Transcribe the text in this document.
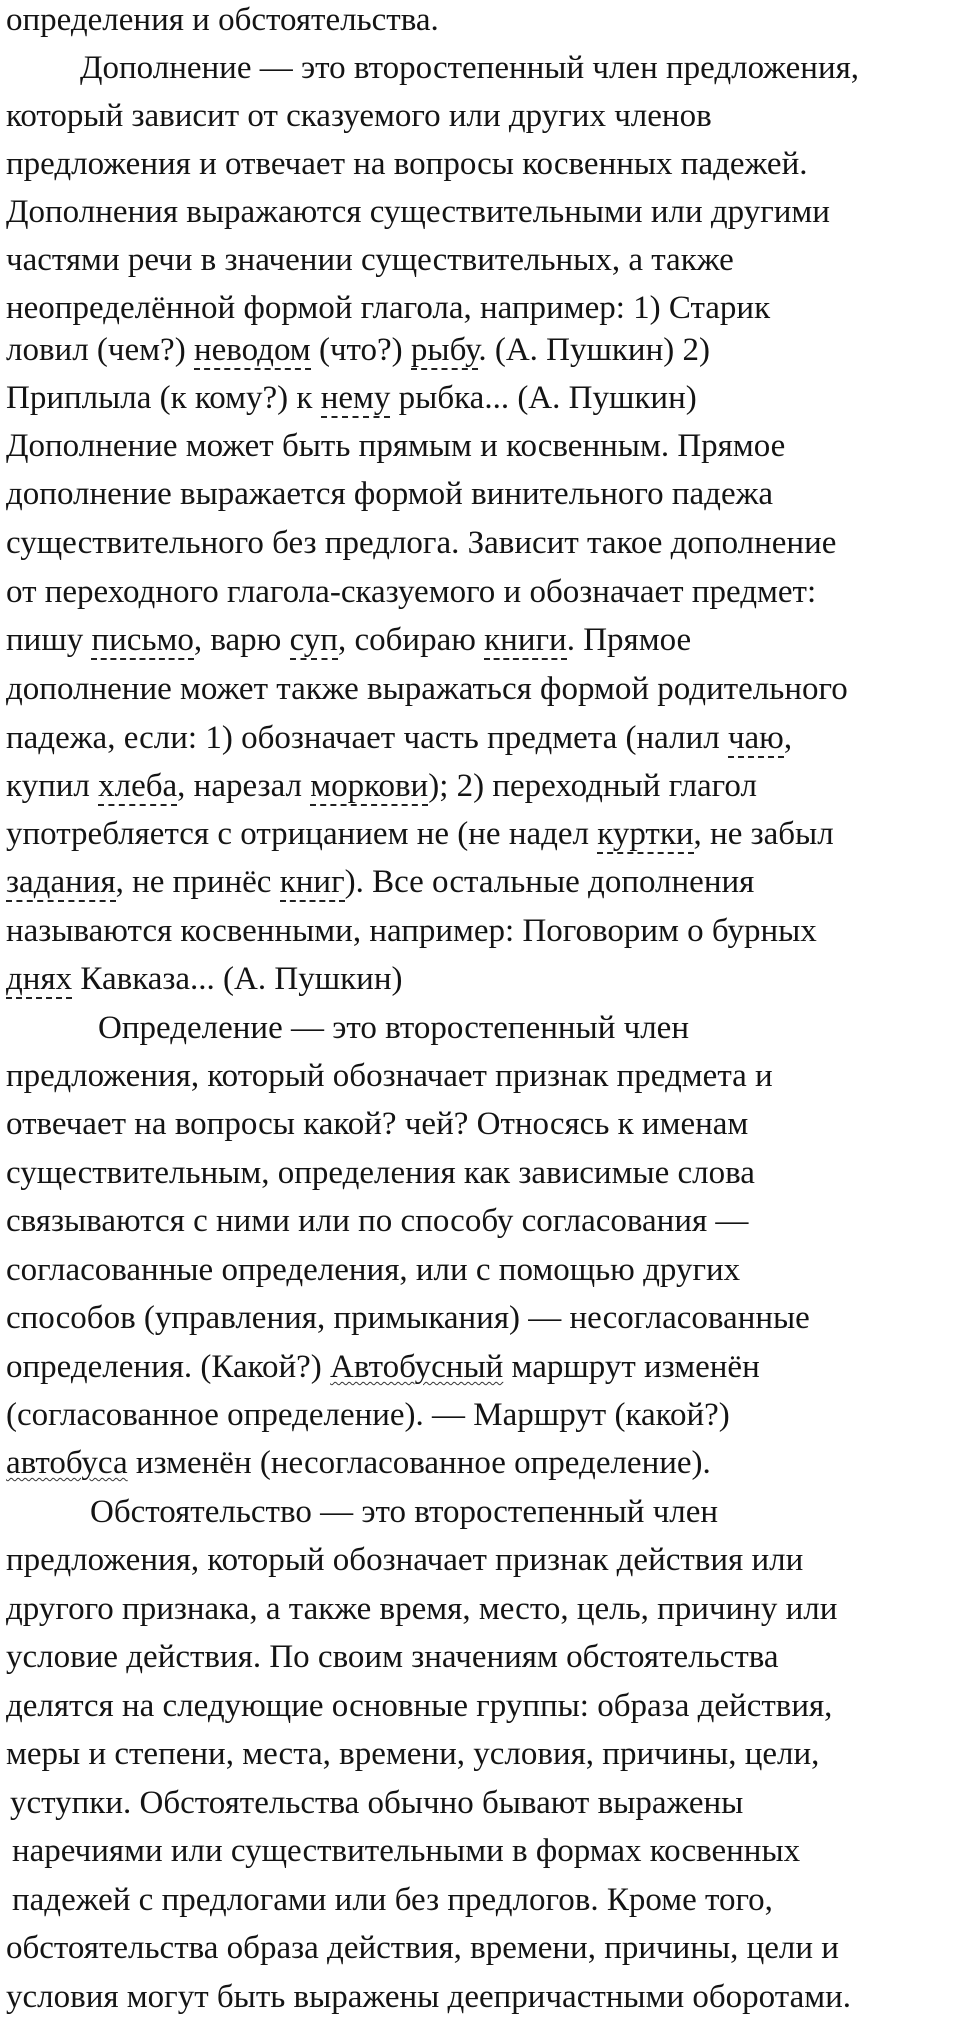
определения и обстоятельства.
Дополнение — это второстепенный член предложения,
который зависит от сказуемого или других членов
предложения и отвечает на вопросы косвенных падежей.
Дополнения выражаются существительными или другими
частями речи в значении существительных, а также
неопределённой формой глагола, например: 1) Старик
ловил (чем?) неводом (что?) рыбу. (А. Пушкин) 2)
Приплыла (к кому?) к нему рыбка... (А. Пушкин)
Дополнение может быть прямым и косвенным. Прямое
дополнение выражается формой винительного падежа
существительного без предлога. Зависит такое дополнение
от переходного глагола-сказуемого и обозначает предмет:
пишу письмо, варю суп, собираю книги. Прямое
дополнение может также выражаться формой родительного
падежа, если: 1) обозначает часть предмета (налил чаю,
купил хлеба, нарезал моркови); 2) переходный глагол
употребляется с отрицанием не (не надел куртки, не забыл
задания, не принёс книг). Все остальные дополнения
называются косвенными, например: Поговорим о бурных
днях Кавказа... (А. Пушкин)
Определение — это второстепенный член
предложения, который обозначает признак предмета и
отвечает на вопросы какой? чей? Относясь к именам
существительным, определения как зависимые слова
связываются с ними или по способу согласования —
согласованные определения, или с помощью других
способов (управления, примыкания) — несогласованные
определения. (Какой?) Автобусный маршрут изменён
(согласованное определение). — Маршрут (какой?)
автобуса изменён (несогласованное определение).
Обстоятельство — это второстепенный член
предложения, который обозначает признак действия или
другого признака, а также время, место, цель, причину или
условие действия. По своим значениям обстоятельства
делятся на следующие основные группы: образа действия,
меры и степени, места, времени, условия, причины, цели,
уступки. Обстоятельства обычно бывают выражены
наречиями или существительными в формах косвенных
падежей с предлогами или без предлогов. Кроме того,
обстоятельства образа действия, времени, причины, цели и
условия могут быть выражены деепричастными оборотами.
